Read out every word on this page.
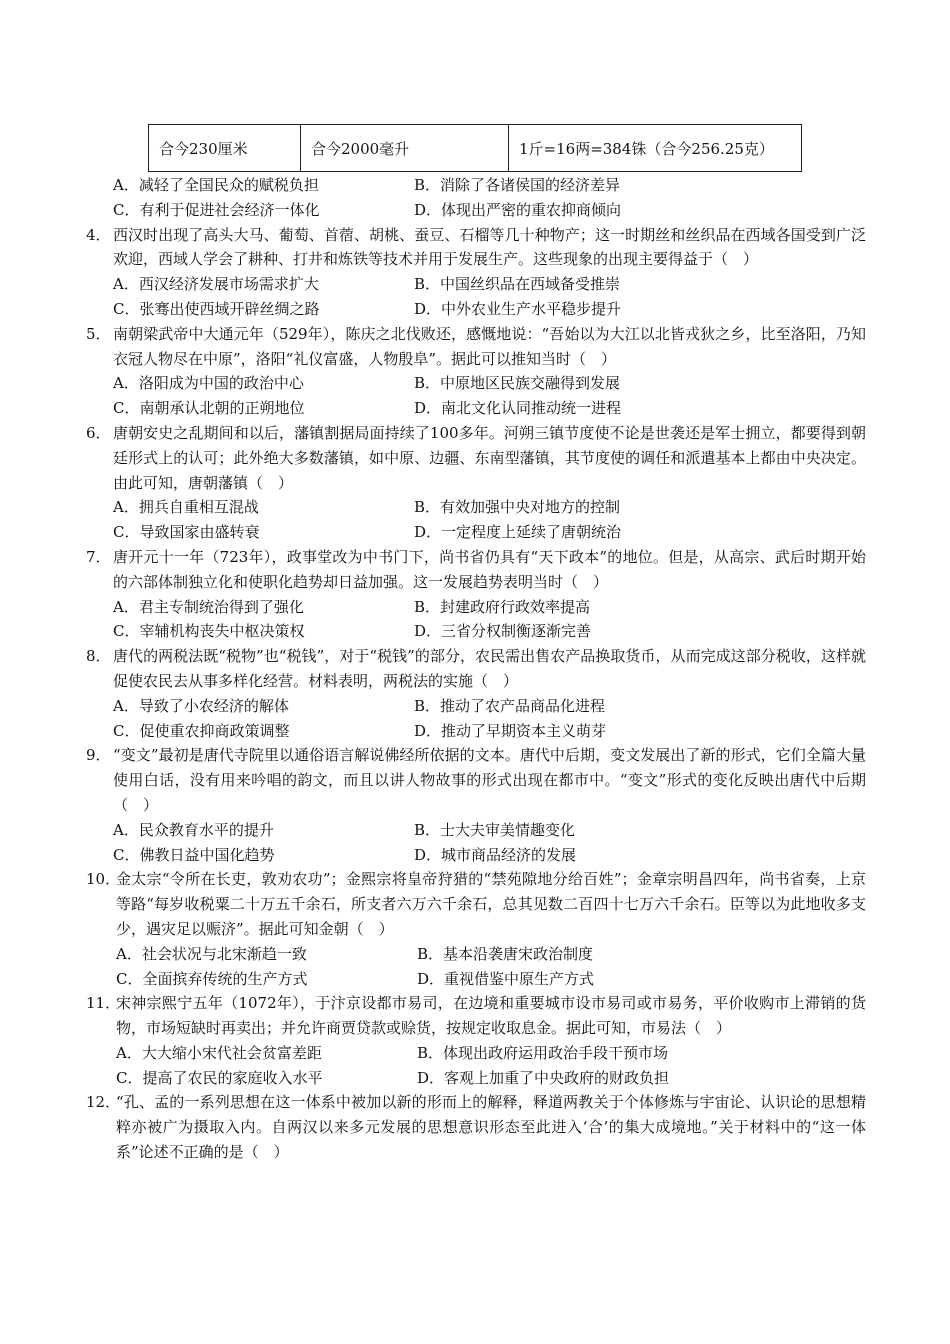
合今230厘米	合今2000毫升	1斤=16两=384铢（合今256.25克）
A．减轻了全国民众的赋税负担	B．消除了各诸侯国的经济差异
C．有利于促进社会经济一体化	D．体现出严密的重农抑商倾向
4． 西汉时出现了高头大马、葡萄、首蓿、胡桃、蚕豆、石榴等几十种物产；这一时期丝和丝织品在西域各国受到广泛欢迎，西域人学会了耕种、打井和炼铁等技术并用于发展生产。这些现象的出现主要得益于（　）
A．西汉经济发展市场需求扩大	B．中国丝织品在西域备受推崇
C．张骞出使西域开辟丝绸之路	D．中外农业生产水平稳步提升
5． 南朝梁武帝中大通元年（529年），陈庆之北伐败还，感慨地说：“吾始以为大江以北皆戎狄之乡，比至洛阳，乃知衣冠人物尽在中原”，洛阳“礼仪富盛，人物殷阜”。据此可以推知当时（　）
A．洛阳成为中国的政治中心	B．中原地区民族交融得到发展
C．南朝承认北朝的正朔地位	D．南北文化认同推动统一进程
6． 唐朝安史之乱期间和以后，藩镇割据局面持续了100多年。河朔三镇节度使不论是世袭还是军士拥立，都要得到朝廷形式上的认可；此外绝大多数藩镇，如中原、边疆、东南型藩镇，其节度使的调任和派遣基本上都由中央决定。由此可知，唐朝藩镇（　）
A．拥兵自重相互混战	B．有效加强中央对地方的控制
C．导致国家由盛转衰	D．一定程度上延续了唐朝统治
7． 唐开元十一年（723年），政事堂改为中书门下，尚书省仍具有“天下政本”的地位。但是，从高宗、武后时期开始的六部体制独立化和使职化趋势却日益加强。这一发展趋势表明当时（　）
A．君主专制统治得到了强化	B．封建政府行政效率提高
C．宰辅机构丧失中枢决策权	D．三省分权制衡逐渐完善
8． 唐代的两税法既“税物”也“税钱”，对于“税钱”的部分，农民需出售农产品换取货币，从而完成这部分税收，这样就促使农民去从事多样化经营。材料表明，两税法的实施（　）
A．导致了小农经济的解体	B．推动了农产品商品化进程
C．促使重农抑商政策调整	D．推动了早期资本主义萌芽
9． “变文”最初是唐代寺院里以通俗语言解说佛经所依据的文本。唐代中后期，变文发展出了新的形式，它们全篇大量使用白话，没有用来吟唱的韵文，而且以讲人物故事的形式出现在都市中。“变文”形式的变化反映出唐代中后期（　）
A．民众教育水平的提升	B．士大夫审美情趣变化
C．佛教日益中国化趋势	D．城市商品经济的发展
10．
金太宗“令所在长吏，敦劝农功”；金熙宗将皇帝狩猎的“禁苑隙地分给百姓”；金章宗明昌四年，尚书省奏，上京等路“每岁收税粟二十万五千余石，所支者六万六千余石，总其见数二百四十七万六千余石。臣等以为此地收多支少，遇灾足以赈济”。据此可知金朝（　）
A．社会状况与北宋渐趋一致	B．基本沿袭唐宋政治制度
C．全面摈弃传统的生产方式	D．重视借鉴中原生产方式
11．
宋神宗熙宁五年（1072年），于汴京设都市易司，在边境和重要城市设市易司或市易务，平价收购市上滞销的货物，市场短缺时再卖出；并允许商贾贷款或赊货，按规定收取息金。据此可知，市易法（　）
A．大大缩小宋代社会贫富差距	B．体现出政府运用政治手段干预市场
C．提高了农民的家庭收入水平	D．客观上加重了中央政府的财政负担
12．
“孔、孟的一系列思想在这一体系中被加以新的形而上的解释，释道两教关于个体修炼与宇宙论、认识论的思想精粹亦被广为摄取入内。自两汉以来多元发展的思想意识形态至此进入‘合’的集大成境地。”关于材料中的“这一体系”论述不正确的是（　）
